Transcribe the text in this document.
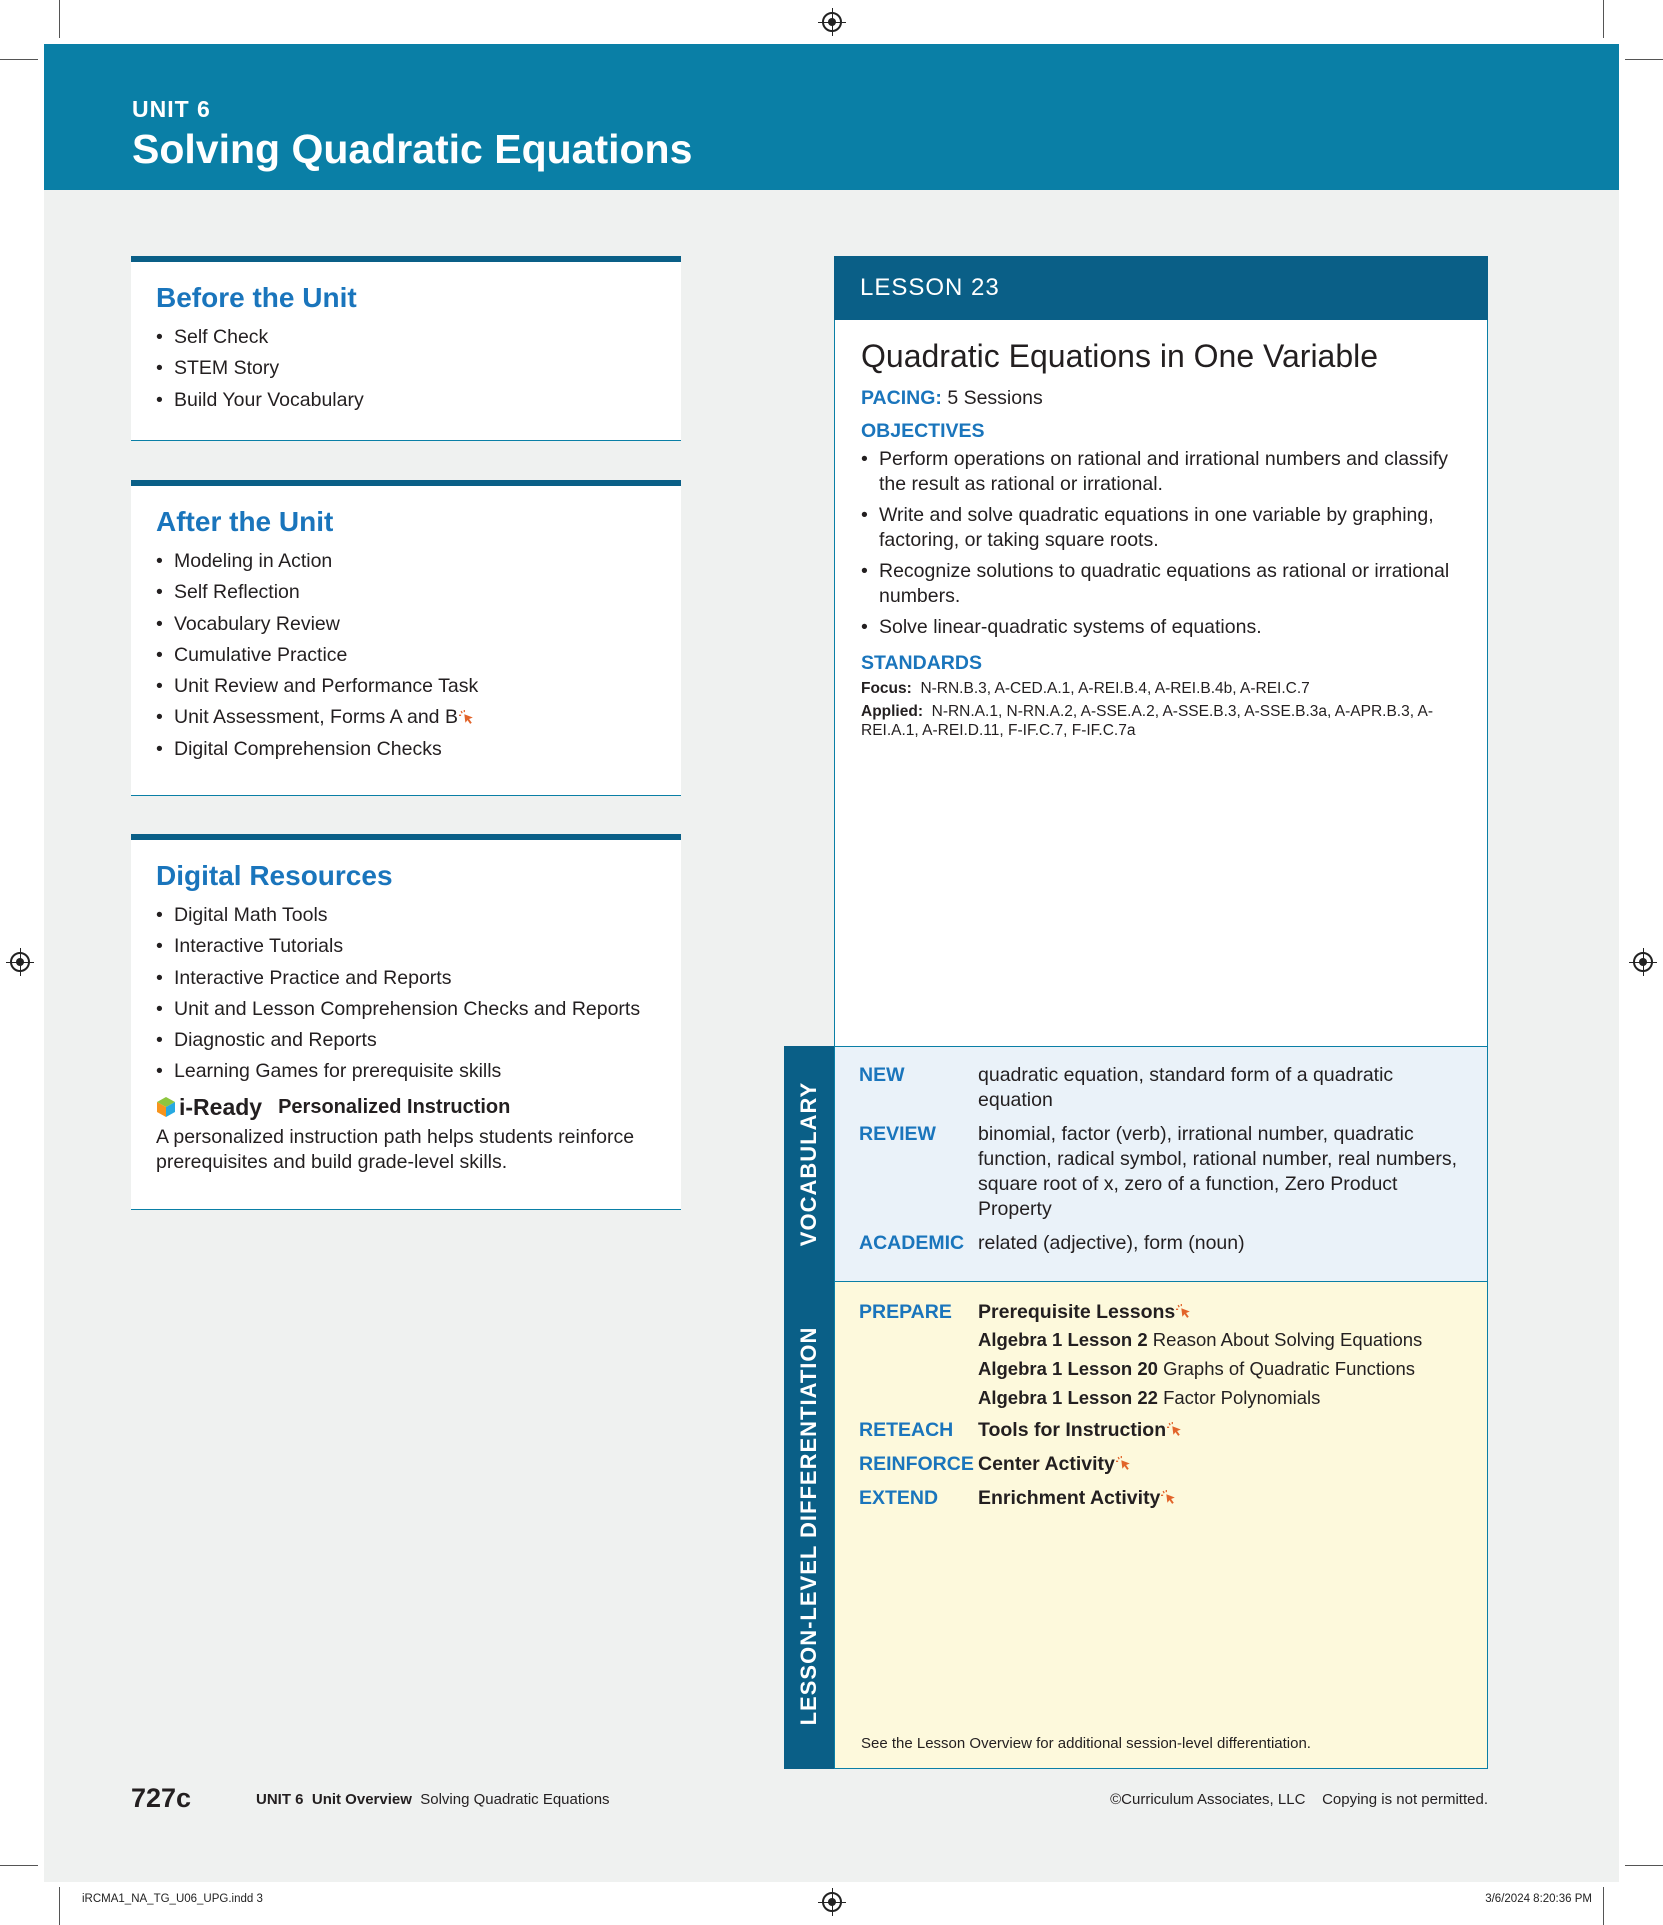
UNIT 6
Solving Quadratic Equations
Before the Unit
• Self Check
• STEM Story
• Build Your Vocabulary
After the Unit
• Modeling in Action
• Self Reflection
• Vocabulary Review
• Cumulative Practice
• Unit Review and Performance Task
• Unit Assessment, Forms A and B
• Digital Comprehension Checks
Digital Resources
• Digital Math Tools
• Interactive Tutorials
• Interactive Practice and Reports
• Unit and Lesson Comprehension Checks and Reports
• Diagnostic and Reports
• Learning Games for prerequisite skills
i-Ready Personalized Instruction
A personalized instruction path helps students reinforce prerequisites and build grade-level skills.
LESSON 23
Quadratic Equations in One Variable
PACING: 5 Sessions
OBJECTIVES
• Perform operations on rational and irrational numbers and classify the result as rational or irrational.
• Write and solve quadratic equations in one variable by graphing, factoring, or taking square roots.
• Recognize solutions to quadratic equations as rational or irrational numbers.
• Solve linear-quadratic systems of equations.
STANDARDS
Focus: N-RN.B.3, A-CED.A.1, A-REI.B.4, A-REI.B.4b, A-REI.C.7
Applied: N-RN.A.1, N-RN.A.2, A-SSE.A.2, A-SSE.B.3, A-SSE.B.3a, A-APR.B.3, A-REI.A.1, A-REI.D.11, F-IF.C.7, F-IF.C.7a
VOCABULARY
NEW	quadratic equation, standard form of a quadratic equation
REVIEW	binomial, factor (verb), irrational number, quadratic function, radical symbol, rational number, real numbers, square root of x, zero of a function, Zero Product Property
ACADEMIC related (adjective), form (noun)
LESSON-LEVEL DIFFERENTIATION
PREPARE	Prerequisite Lessons
Algebra 1 Lesson 2 Reason About Solving Equations
Algebra 1 Lesson 20 Graphs of Quadratic Functions
Algebra 1 Lesson 22 Factor Polynomials
RETEACH	Tools for Instruction
REINFORCE Center Activity
EXTEND	Enrichment Activity
See the Lesson Overview for additional session-level differentiation.
727c	UNIT 6 Unit Overview Solving Quadratic Equations	©Curriculum Associates, LLC Copying is not permitted.
iRCMA1_NA_TG_U06_UPG.indd 3	3/6/2024 8:20:36 PM
